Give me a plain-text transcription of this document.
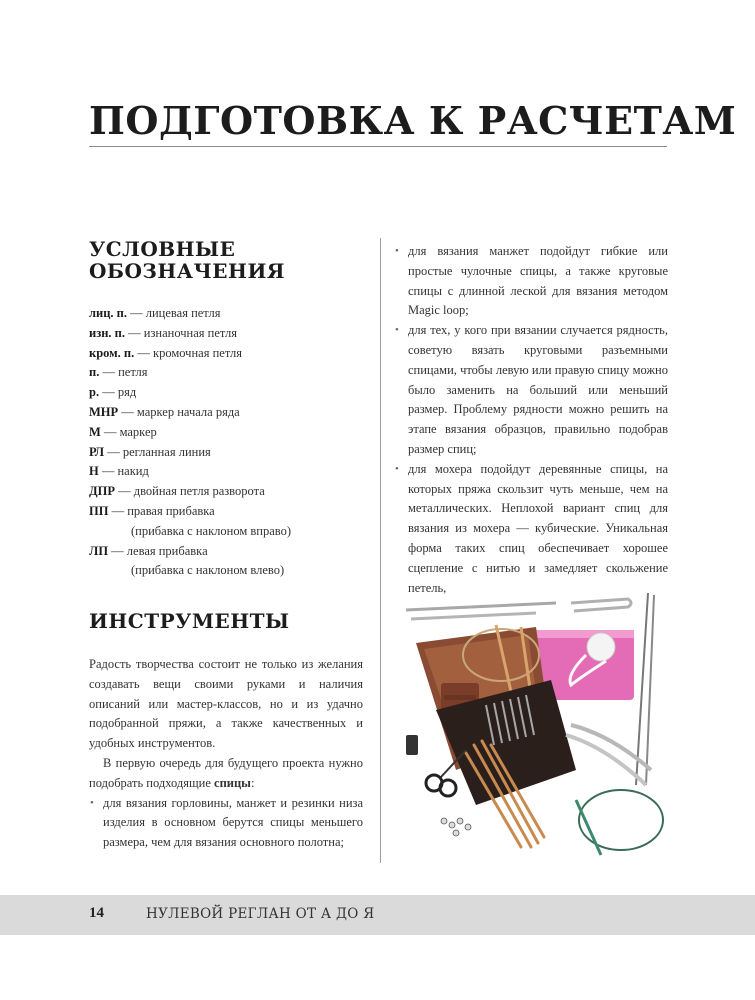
ПОДГОТОВКА К РАСЧЕТАМ
УСЛОВНЫЕ ОБОЗНАЧЕНИЯ
лиц. п. — лицевая петля
изн. п. — изнаночная петля
кром. п. — кромочная петля
п. — петля
р. — ряд
МНР — маркер начала ряда
М — маркер
РЛ — регланная линия
Н — накид
ДПР — двойная петля разворота
ПП — правая прибавка
(прибавка с наклоном вправо)
ЛП — левая прибавка
(прибавка с наклоном влево)
ИНСТРУМЕНТЫ

Радость творчества состоит не только из желания создавать вещи своими руками и наличия описаний или мастер-классов, но и из удачно подобранной пряжи, а также качественных и удобных инструментов.

В первую очередь для будущего проекта нужно подобрать подходящие спицы:

• для вязания горловины, манжет и резинки низа изделия в основном берутся спицы меньшего размера, чем для вязания основного полотна;
• для вязания манжет подойдут гибкие или простые чулочные спицы, а также круговые спицы с длинной леской для вязания методом Magic loop;
• для тех, у кого при вязании случается рядность, советую вязать круговыми разъемными спицами, чтобы левую или правую спицу можно было заменить на больший или меньший размер. Проблему рядности можно решить на этапе вязания образцов, правильно подобрав размер спиц;
• для мохера подойдут деревянные спицы, на которых пряжа скользит чуть меньше, чем на металлических. Неплохой вариант спиц для вязания из мохера — кубические. Уникальная форма таких спиц обеспечивает хорошее сцепление с нитью и замедляет скольжение петель,
14	НУЛЕВОЙ РЕГЛАН ОТ А ДО Я
